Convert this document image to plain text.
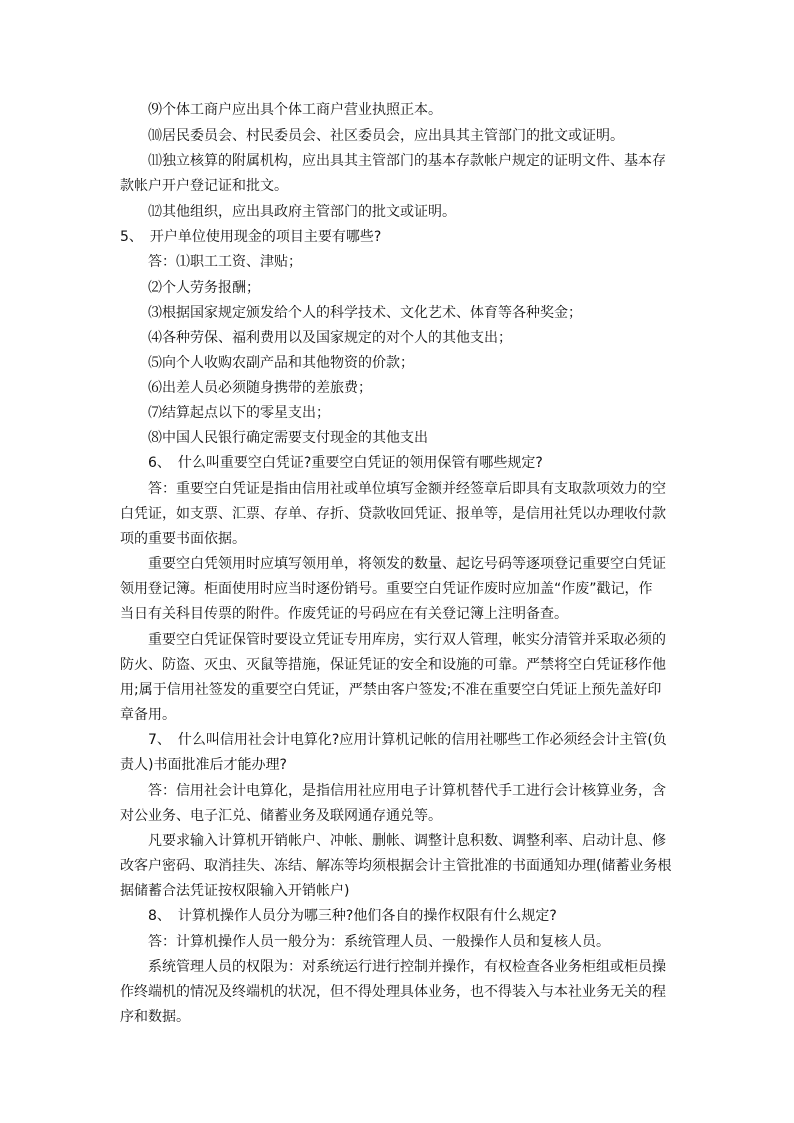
⑼个体工商户应出具个体工商户营业执照正本。
⑽居民委员会、村民委员会、社区委员会，应出具其主管部门的批文或证明。
⑾独立核算的附属机构，应出具其主管部门的基本存款帐户规定的证明文件、基本存
款帐户开户登记证和批文。
⑿其他组织，应出具政府主管部门的批文或证明。
5、　开户单位使用现金的项目主要有哪些?
答：⑴职工工资、津贴；
⑵个人劳务报酬；
⑶根据国家规定颁发给个人的科学技术、文化艺术、体育等各种奖金；
⑷各种劳保、福利费用以及国家规定的对个人的其他支出；
⑸向个人收购农副产品和其他物资的价款；
⑹出差人员必须随身携带的差旅费；
⑺结算起点以下的零星支出；
⑻中国人民银行确定需要支付现金的其他支出
6、　什么叫重要空白凭证?重要空白凭证的领用保管有哪些规定?
答：重要空白凭证是指由信用社或单位填写金额并经签章后即具有支取款项效力的空
白凭证，如支票、汇票、存单、存折、贷款收回凭证、报单等，是信用社凭以办理收付款
项的重要书面依据。
重要空白凭领用时应填写领用单，将领发的数量、起讫号码等逐项登记重要空白凭证
领用登记簿。柜面使用时应当时逐份销号。重要空白凭证作废时应加盖“作废”戳记，作
当日有关科目传票的附件。作废凭证的号码应在有关登记簿上注明备查。
重要空白凭证保管时要设立凭证专用库房，实行双人管理，帐实分清管并采取必须的
防火、防盗、灭虫、灭鼠等措施，保证凭证的安全和设施的可靠。严禁将空白凭证移作他
用;属于信用社签发的重要空白凭证，严禁由客户签发;不准在重要空白凭证上预先盖好印
章备用。
7、　什么叫信用社会计电算化?应用计算机记帐的信用社哪些工作必须经会计主管(负
责人)书面批准后才能办理?
答：信用社会计电算化，是指信用社应用电子计算机替代手工进行会计核算业务，含
对公业务、电子汇兑、储蓄业务及联网通存通兑等。
凡要求输入计算机开销帐户、冲帐、删帐、调整计息积数、调整利率、启动计息、修
改客户密码、取消挂失、冻结、解冻等均须根据会计主管批准的书面通知办理(储蓄业务根
据储蓄合法凭证按权限输入开销帐户)
8、　计算机操作人员分为哪三种?他们各自的操作权限有什么规定?
答：计算机操作人员一般分为：系统管理人员、一般操作人员和复核人员。
系统管理人员的权限为：对系统运行进行控制并操作，有权检查各业务柜组或柜员操
作终端机的情况及终端机的状况，但不得处理具体业务，也不得装入与本社业务无关的程
序和数据。
